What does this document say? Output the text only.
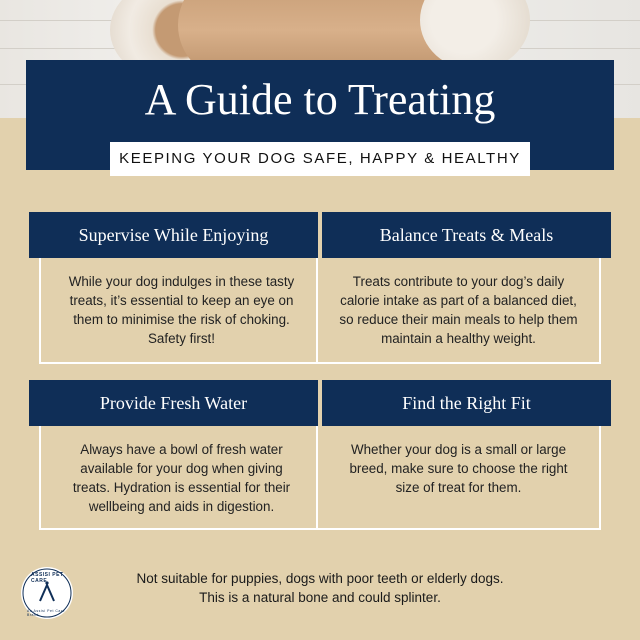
A Guide to Treating
KEEPING YOUR DOG SAFE, HAPPY & HEALTHY
Supervise While Enjoying
While your dog indulges in these tasty treats, it’s essential to keep an eye on them to minimise the risk of choking. Safety first!
Balance Treats & Meals
Treats contribute to your dog’s daily calorie intake as part of a balanced diet, so reduce their main meals to help them maintain a healthy weight.
Provide Fresh Water
Always have a bowl of fresh water available for your dog when giving treats. Hydration is essential for their wellbeing and aids in digestion.
Find the Right Fit
Whether your dog is a small or large breed, make sure to choose the right size of treat for them.
Not suitable for puppies, dogs with poor teeth or elderly dogs.
This is a natural bone and could splinter.
ASSISI PET CARE
An Assisi Pet Care Brand
